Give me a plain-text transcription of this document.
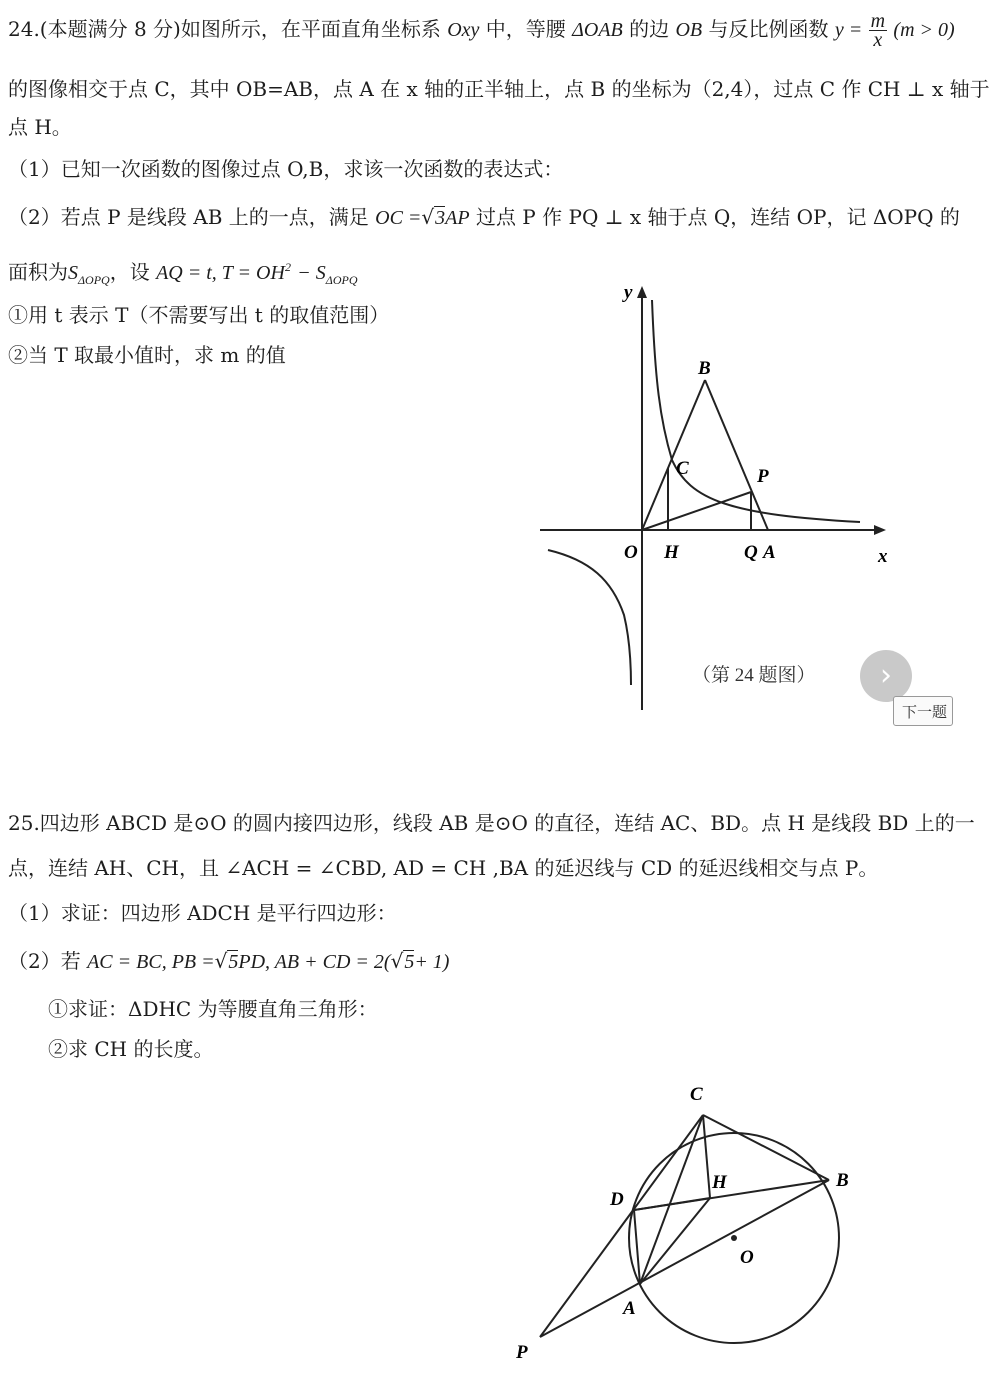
24.(本题满分 8 分)如图所示，在平面直角坐标系 Oxy 中，等腰 ΔOAB 的边 OB 与反比例函数 $y = \frac{m}{x} (m > 0)$
的图像相交于点 C，其中 OB=AB，点 A 在 x 轴的正半轴上，点 B 的坐标为（2,4），过点 C 作 CH ⊥ x 轴于
点 H。
（1）已知一次函数的图像过点 O,B，求该一次函数的表达式：
（2）若点 P 是线段 AB 上的一点，满足 OC =√3AP 过点 P 作 PQ ⊥ x 轴于点 Q，连结 OP，记 ΔOPQ 的
面积为$S_{\Delta OPQ}$，设 AQ = t, $T = OH^2 - S_{\Delta OPQ}$
①用 t 表示 T（不需要写出 t 的取值范围）
②当 T 取最小值时，求 m 的值
y
x
O H	Q A
B
C	P
（第 24 题图）
C
H	B
D
O
A
P
›
下一题
25.四边形 ABCD 是⊙O 的圆内接四边形，线段 AB 是⊙O 的直径，连结 AC、BD。点 H 是线段 BD 上的一
点，连结 AH、CH，且 ∠ACH = ∠CBD, AD = CH ,BA 的延迟线与 CD 的延迟线相交与点 P。
（1）求证：四边形 ADCH 是平行四边形：
（2）若 AC = BC, PB =√5PD, AB + CD = 2(√5+ 1)
①求证：ΔDHC 为等腰直角三角形：
②求 CH 的长度。
